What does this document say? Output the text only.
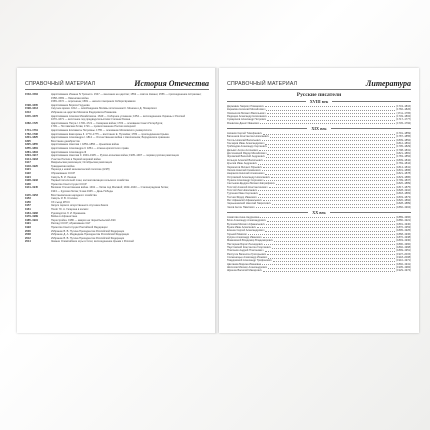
СПРАВОЧНЫЙ МАТЕРИАЛ	История Отечества
1533–1584	Царствование Иоанна IV Грозного. 1547 — венчание на царство; 1552 — взятие Казани; 1556 — присоединение Астрахани; 1558–1583 — Ливонская война
1565–1572 — опричнина; 1581 — начало покорения Сибири Ермаком
1598–1605	Царствование Бориса Годунова
1598–1613	Смутное время. 1612 — освобождение Москвы ополчением К. Минина и Д. Пожарского
1613	Избрание на царство Михаила Федоровича Романова
1645–1676	Царствование Алексея Михайловича. 1649 — Соборное уложение; 1654 — воссоединение Украины с Россией
1670–1671 — восстание под предводительством Степана Разина
1682–1725	Царствование Петра I. 1700–1721 — Северная война; 1703 — основание Санкт-Петербурга;
1709 — Полтавская битва; 1721 — провозглашение России империей
1741–1761	Царствование Елизаветы Петровны. 1755 — основание Московского университета
1762–1796	Царствование Екатерины II. 1773–1775 — восстание Е. Пугачёва; 1783 — присоединение Крыма
1801–1825	Царствование Александра I. 1812 — Отечественная война с Наполеоном; Бородинское сражение
1825	Восстание декабристов
1825–1855	Царствование Николая I. 1853–1856 — Крымская война
1855–1881	Царствование Александра II. 1861 — отмена крепостного права
1881–1894	Царствование Александра III
1894–1917	Царствование Николая II. 1904–1905 — Русско-японская война; 1905–1907 — первая русская революция
1914–1918	Участие России в Первой мировой войне
1917	Февральская революция; Октябрьская революция
1918–1920	Гражданская война
1921	Переход к новой экономической политике (НЭП)
1922	Образование СССР
1924	Смерть В. И. Ленина
1928–1932	Первый пятилетний план; коллективизация сельского хозяйства
1936	Принятие Конституции СССР
1941–1945	Великая Отечественная война. 1941 — битва под Москвой; 1942–1943 — Сталинградская битва;
1943 — Курская битва; 9 мая 1945 — День Победы
1945–1953	Восстановление народного хозяйства
1953	Смерть И. В. Сталина
1956	XX съезд КПСС
1957	Запуск первого искусственного спутника Земли
1961	Полёт Ю. А. Гагарина в космос
1964–1982	Руководство Л. И. Брежнева
1979–1989	Война в Афганистане
1985–1991	Перестройка. 1986 — авария на Чернобыльской АЭС
1991	Распад СССР; образование СНГ
1993	Принятие Конституции Российской Федерации
2000	Избрание В. В. Путина Президентом Российской Федерации
2008	Избрание Д. А. Медведева Президентом Российской Федерации
2012	Избрание В. В. Путина Президентом Российской Федерации
2014	Зимние Олимпийские игры в Сочи; воссоединение Крыма с Россией
СПРАВОЧНЫЙ МАТЕРИАЛ	Литература
Русские писатели
XVIII век
Державин Гавриил Романович	(1743–1816)
Карамзин Николай Михайлович	(1766–1826)
Ломоносов Михаил Васильевич	(1711–1765)
Радищев Александр Николаевич	(1749–1802)
Сумароков Александр Петрович	(1717–1777)
Фонвизин Денис Иванович	(1745–1792)
XIX век
Аксаков Сергей Тимофеевич	(1791–1859)
Батюшков Константин Николаевич	(1787–1855)
Гоголь Николай Васильевич	(1809–1852)
Гончаров Иван Александрович	(1812–1891)
Грибоедов Александр Сергеевич	(1795–1829)
Дельвиг Антон Антонович	(1798–1831)
Достоевский Фёдор Михайлович	(1821–1881)
Жуковский Василий Андреевич	(1783–1852)
Кольцов Алексей Васильевич	(1809–1842)
Крылов Иван Андреевич	(1769–1844)
Лермонтов Михаил Юрьевич	(1814–1841)
Лесков Николай Семёнович	(1831–1895)
Некрасов Николай Алексеевич	(1821–1878)
Островский Александр Николаевич	(1823–1886)
Пушкин Александр Сергеевич	(1799–1837)
Салтыков-Щедрин Михаил Евграфович	(1826–1889)
Толстой Алексей Константинович	(1817–1875)
Толстой Лев Николаевич	(1828–1910)
Тургенев Иван Сергеевич	(1818–1883)
Тютчев Фёдор Иванович	(1803–1873)
Фет Афанасий Афанасьевич	(1820–1892)
Чернышевский Николай Гаврилович	(1828–1889)
Чехов Антон Павлович	(1860–1904)
XX век
Ахматова Анна Андреевна	(1889–1966)
Блок Александр Александрович	(1880–1921)
Булгаков Михаил Афанасьевич	(1891–1940)
Бунин Иван Алексеевич	(1870–1953)
Есенин Сергей Александрович	(1895–1925)
Горький Максим	(1868–1936)
Куприн Александр Иванович	(1870–1938)
Маяковский Владимир Владимирович	(1893–1930)
Пастернак Борис Леонидович	(1890–1960)
Паустовский Константин Георгиевич	(1892–1968)
Платонов Андрей Платонович	(1899–1951)
Распутин Валентин Григорьевич	(1937–2015)
Солженицын Александр Исаевич	(1918–2008)
Твардовский Александр Трифонович	(1910–1971)
Цветаева Марина Ивановна	(1892–1941)
Шолохов Михаил Александрович	(1905–1984)
Шукшин Василий Макарович	(1929–1974)
